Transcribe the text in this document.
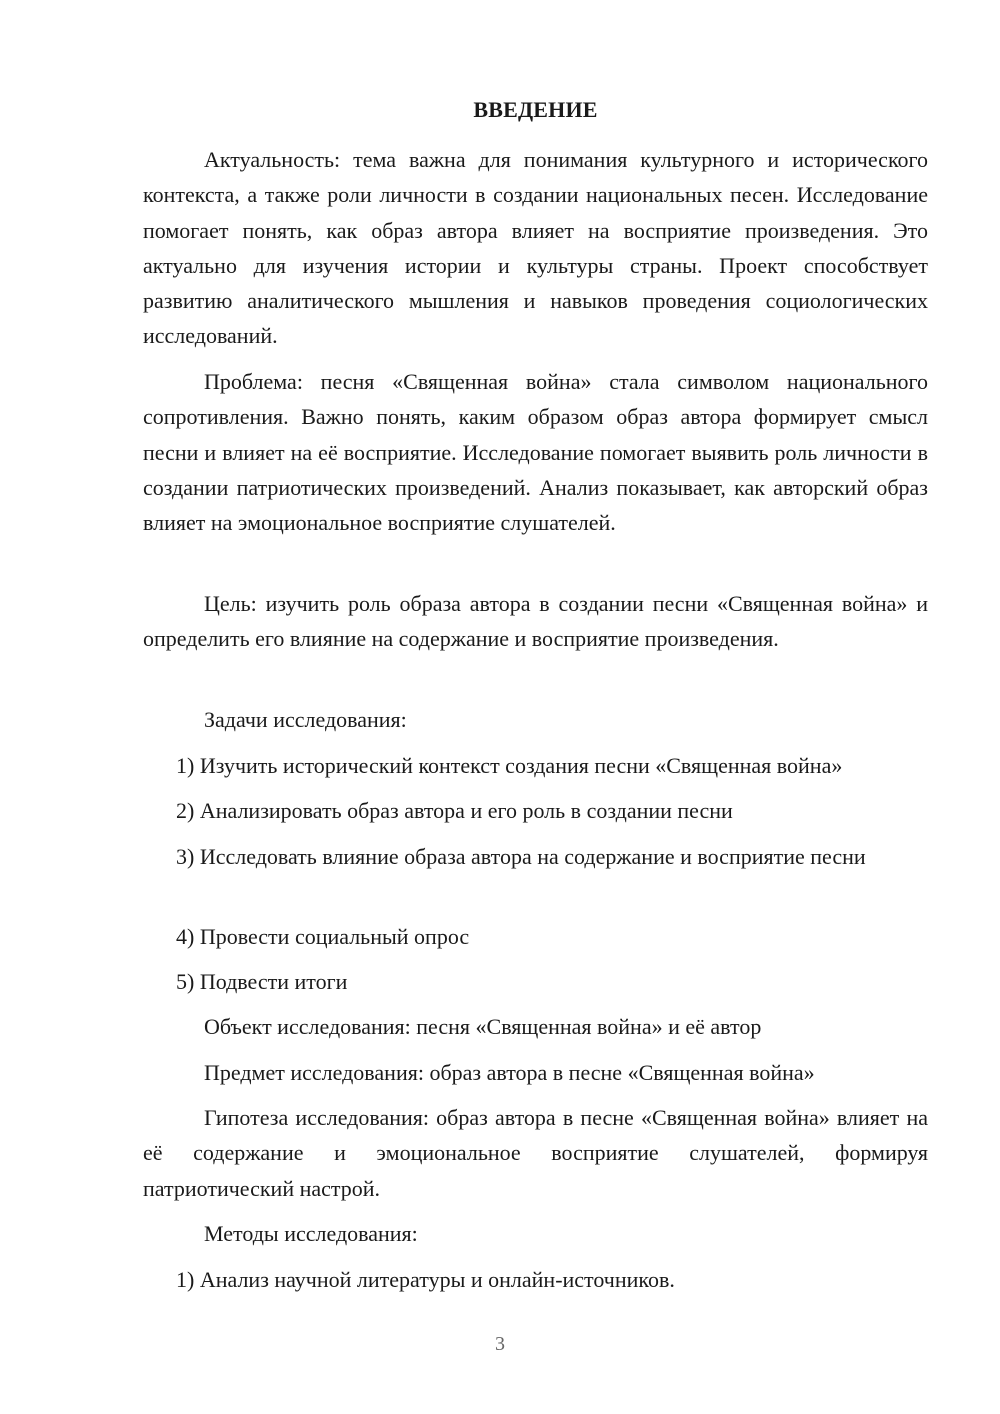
ВВЕДЕНИЕ

Актуальность: тема важна для понимания культурного и исторического контекста, а также роли личности в создании национальных песен. Исследование помогает понять, как образ автора влияет на восприятие произведения. Это актуально для изучения истории и культуры страны. Проект способствует развитию аналитического мышления и навыков проведения социологических исследований.

Проблема: песня «Священная война» стала символом национального сопротивления. Важно понять, каким образом образ автора формирует смысл песни и влияет на её восприятие. Исследование помогает выявить роль личности в создании патриотических произведений. Анализ показывает, как авторский образ влияет на эмоциональное восприятие слушателей.

Цель: изучить роль образа автора в создании песни «Священная война» и определить его влияние на содержание и восприятие произведения.

Задачи исследования:

1) Изучить исторический контекст создания песни «Священная война»

2) Анализировать образ автора и его роль в создании песни

3) Исследовать влияние образа автора на содержание и восприятие песни

4) Провести социальный опрос

5) Подвести итоги

Объект исследования: песня «Священная война» и её автор

Предмет исследования: образ автора в песне «Священная война»

Гипотеза исследования: образ автора в песне «Священная война» влияет на её содержание и эмоциональное восприятие слушателей, формируя патриотический настрой.

Методы исследования:

1) Анализ научной литературы и онлайн-источников.

3
